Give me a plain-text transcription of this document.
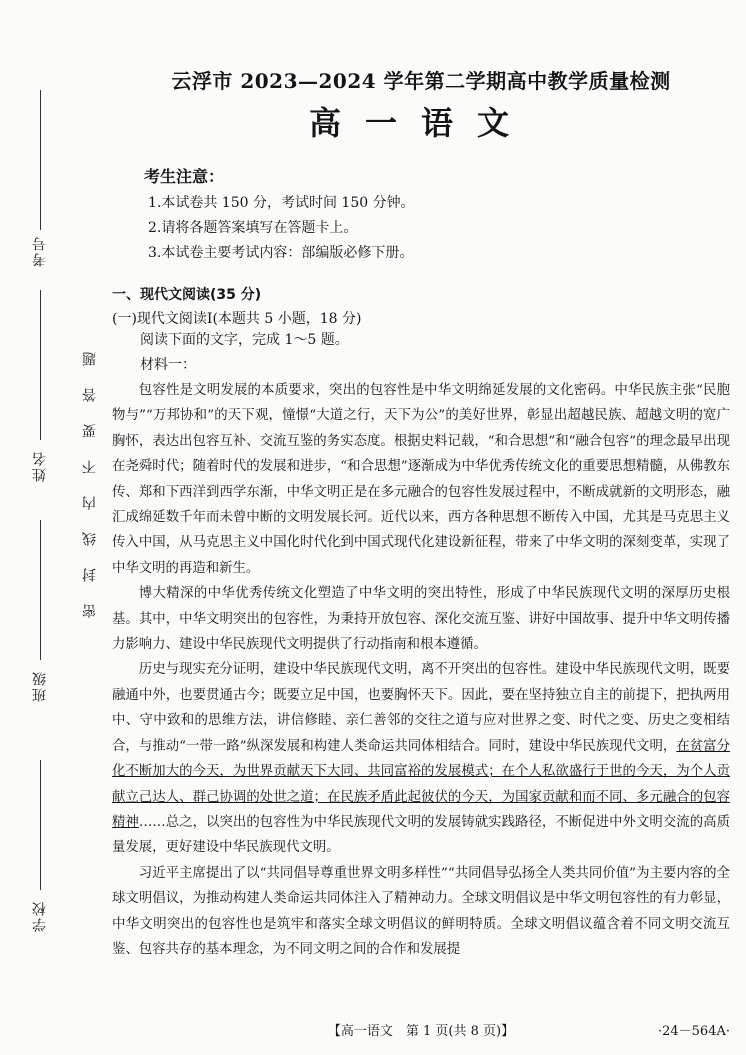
考号
姓名
班级
学校
密封线内不要答题
云浮市 2023—2024 学年第二学期高中教学质量检测
高一语文
考生注意：
1.本试卷共 150 分，考试时间 150 分钟。
2.请将各题答案填写在答题卡上。
3.本试卷主要考试内容：部编版必修下册。
一、现代文阅读(35 分)
(一)现代文阅读Ⅰ(本题共 5 小题，18 分)
阅读下面的文字，完成 1～5 题。
材料一：

包容性是文明发展的本质要求，突出的包容性是中华文明绵延发展的文化密码。中华民族主张“民胞物与”“万邦协和”的天下观，憧憬“大道之行，天下为公”的美好世界，彰显出超越民族、超越文明的宽广胸怀，表达出包容互补、交流互鉴的务实态度。根据史料记载，“和合思想”和“融合包容”的理念最早出现在尧舜时代；随着时代的发展和进步，“和合思想”逐渐成为中华优秀传统文化的重要思想精髓，从佛教东传、郑和下西洋到西学东渐，中华文明正是在多元融合的包容性发展过程中，不断成就新的文明形态，融汇成绵延数千年而未曾中断的文明发展长河。近代以来，西方各种思想不断传入中国，尤其是马克思主义传入中国，从马克思主义中国化时代化到中国式现代化建设新征程，带来了中华文明的深刻变革，实现了中华文明的再造和新生。

博大精深的中华优秀传统文化塑造了中华文明的突出特性，形成了中华民族现代文明的深厚历史根基。其中，中华文明突出的包容性，为秉持开放包容、深化交流互鉴、讲好中国故事、提升中华文明传播力影响力、建设中华民族现代文明提供了行动指南和根本遵循。

历史与现实充分证明，建设中华民族现代文明，离不开突出的包容性。建设中华民族现代文明，既要融通中外，也要贯通古今；既要立足中国，也要胸怀天下。因此，要在坚持独立自主的前提下，把执两用中、守中致和的思维方法，讲信修睦、亲仁善邻的交往之道与应对世界之变、时代之变、历史之变相结合，与推动“一带一路”纵深发展和构建人类命运共同体相结合。同时，建设中华民族现代文明，在贫富分化不断加大的今天，为世界贡献天下大同、共同富裕的发展模式；在个人私欲盛行于世的今天，为个人贡献立己达人、群己协调的处世之道；在民族矛盾此起彼伏的今天，为国家贡献和而不同、多元融合的包容精神……总之，以突出的包容性为中华民族现代文明的发展铸就实践路径，不断促进中外文明交流的高质量发展，更好建设中华民族现代文明。

习近平主席提出了以“共同倡导尊重世界文明多样性”“共同倡导弘扬全人类共同价值”为主要内容的全球文明倡议，为推动构建人类命运共同体注入了精神动力。全球文明倡议是中华文明包容性的有力彰显，中华文明突出的包容性也是筑牢和落实全球文明倡议的鲜明特质。全球文明倡议蕴含着不同文明交流互鉴、包容共存的基本理念，为不同文明之间的合作和发展提

【高一语文　第 1 页(共 8 页)】	·24－564A·
